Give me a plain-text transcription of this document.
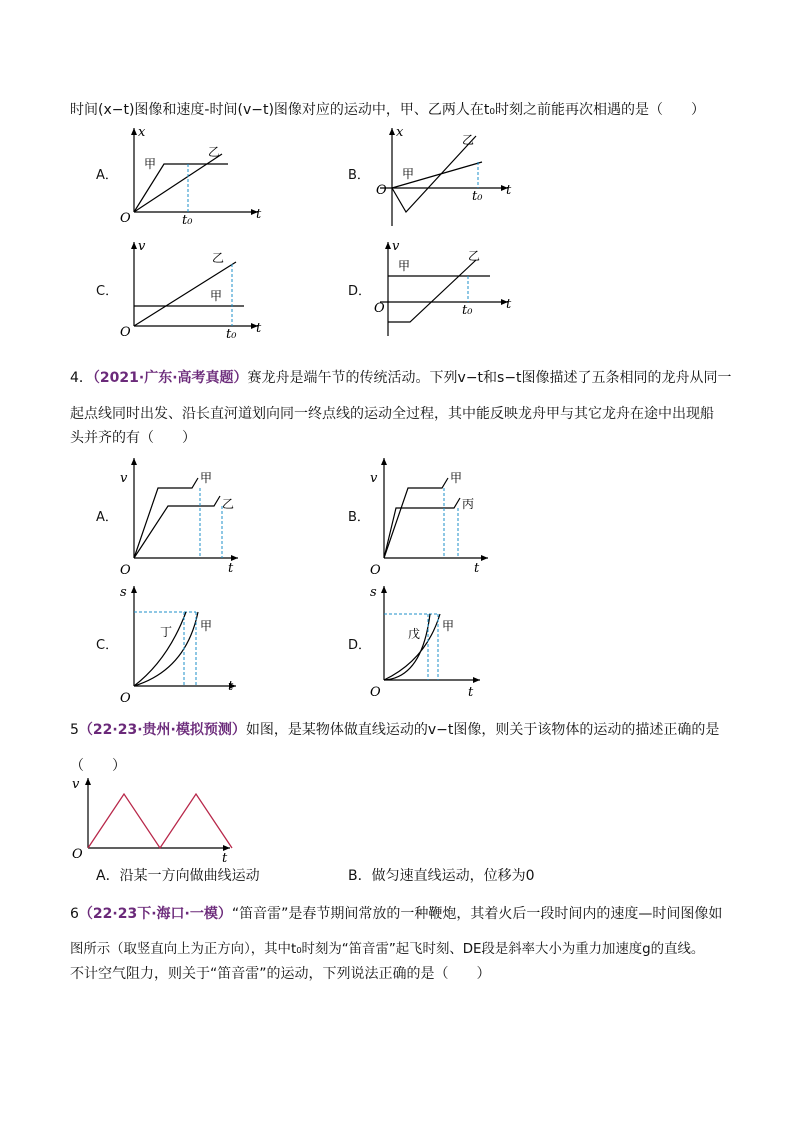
时间(x−t)图像和速度-时间(v−t)图像对应的运动中，甲、乙两人在t₀时刻之前能再次相遇的是（　　）
A．
x
t
O	t₀
甲
乙
B．
x
t
O	t₀
甲
乙
C．
v
t
O	t₀
甲
乙
D．
v
t
O	t₀
甲
乙
4．（2021·广东·高考真题）赛龙舟是端午节的传统活动。下列v−t和s−t图像描述了五条相同的龙舟从同一
起点线同时出发、沿长直河道划向同一终点线的运动全过程，其中能反映龙舟甲与其它龙舟在途中出现船
头并齐的有（　　）
A．
v
t
O
甲
乙
B．
v
t
O
甲
丙
C．
s
t
O
丁 甲
D．
s
t
O
戊
甲
5（22·23·贵州·模拟预测）如图，是某物体做直线运动的v−t图像，则关于该物体的运动的描述正确的是
（　　）
v
t
O
A．沿某一方向做曲线运动	B．做匀速直线运动，位移为0
6（22·23下·海口·一模）“笛音雷”是春节期间常放的一种鞭炮，其着火后一段时间内的速度—时间图像如
图所示（取竖直向上为正方向），其中t₀时刻为“笛音雷”起飞时刻、DE段是斜率大小为重力加速度g的直线。
不计空气阻力，则关于“笛音雷”的运动，下列说法正确的是（　　）
